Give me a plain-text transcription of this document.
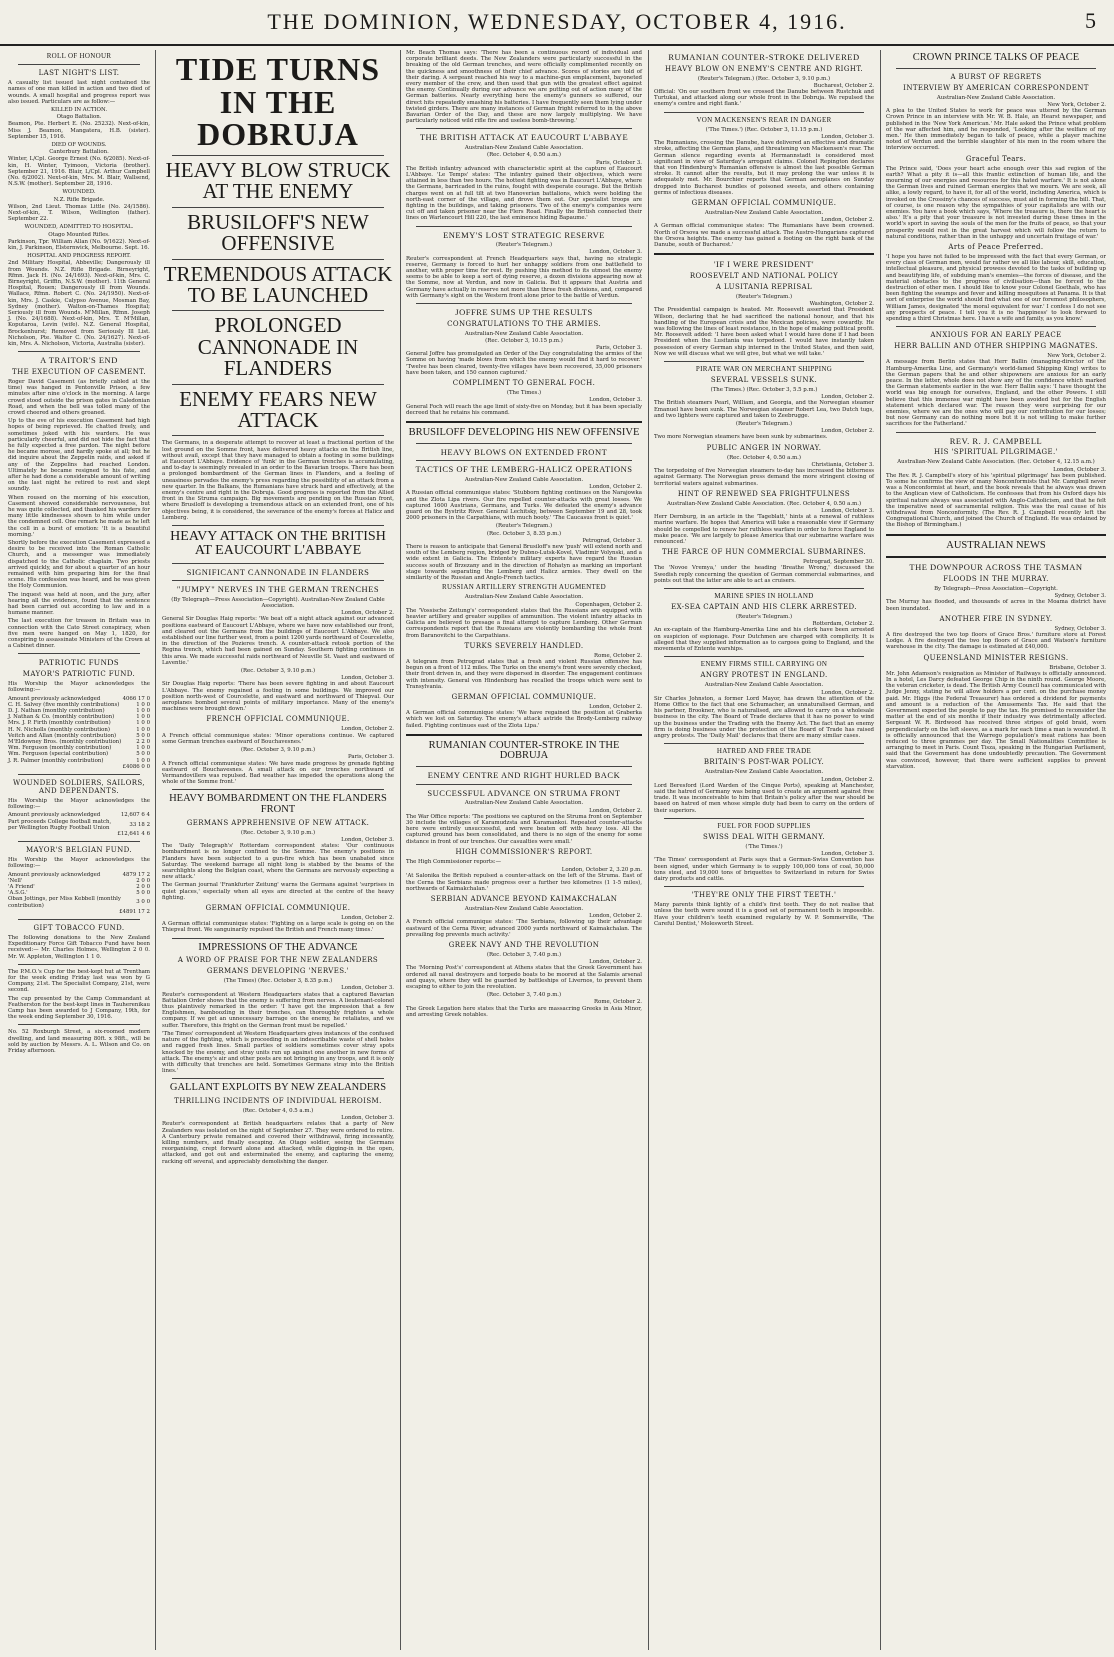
THE DOMINION, WEDNESDAY, OCTOBER 4, 1916.	5
ROLL OF HONOUR
LAST NIGHT'S LIST.

A casualty list issued last night contained the names of one man killed in action and two died of wounds. A small hospital and progress report was also issued. Particulars are as follow:—

KILLED IN ACTION.

Otago Battalion.

Beamon, Pte. Herbert E. (No. 25232). Next-of-kin, Miss J. Beamon, Mangatera, H.B. (sister). September 15, 1916.

DIED OF WOUNDS.

Canterbury Battalion.

Winter, L/Cpl. George Ernest (No. 6/2085). Next-of-kin, H. Winter, Tyimoon, Victoria (brother). September 21, 1916. Blair, L/Cpl. Arthur Campbell (No. 6/2002). Next-of-kin, Mrs. M. Blair, Wallsend, N.S.W. (mother). September 28, 1916.

WOUNDED.

N.Z. Rifle Brigade.

Wilson, 2nd Lieut. Thomas Little (No. 24/1586). Next-of-kin, T. Wilson, Wellington (father). September 22.

WOUNDED, ADMITTED TO HOSPITAL.

Otago Mounted Rifles.

Parkinson, Tpr. William Allan (No. 9/1622). Next-of-kin, J. Parkinson, Elsternwick, Melbourne. Sept. 16.

HOSPITAL AND PROGRESS REPORT.

2nd Military Hospital, Abbeville; Dangerously ill from Wounds. N.Z. Rifle Brigade. Birneyright, Rfmn. Jack H. (No. 24/1693). Next-of-kin, Mrs. C. Birneyright, Griffin, N.S.W. (mother). 11th General Hospital, Rouen; Dangerously ill from Wounds. Wallace, Rfmn. Robert C. (No. 24/1950). Next-of-kin, Mrs. J. Caskie, Calypso Avenue, Mosman Bay, Sydney (mother). Walton-on-Thames Hospital; Seriously ill from Wounds. M'Millan, Rfmn. Joseph J. (No. 24/1688). Next-of-kin, Mrs. T. M'Millan, Koputaroa, Levin (wife). N.Z. General Hospital, Brockenhurst; Removed from Seriously Ill List. Nicholson, Pte. Walter C. (No. 24/1627). Next-of-kin, Mrs. A. Nicholson, Victoria, Australia (sister).

A TRAITOR'S END
THE EXECUTION OF CASEMENT.

Roger David Casement (as briefly cabled at the time) was hanged in Pentonville Prison, a few minutes after nine o'clock in the morning. A large crowd stood outside the prison gates in Caledonian Road, and when the bell was tolled many of the crowd cheered and others groaned.

Up to the eve of his execution Casement had high hopes of being reprieved. He chatted freely, and sometimes joked with his warders. He was particularly cheerful, and did not hide the fact that he fully expected a free pardon. The night before he became morose, and hardly spoke at all; but he did inquire about the Zeppelin raids, and asked if any of the Zeppelins had reached London. Ultimately he became resigned to his fate, and after he had done a considerable amount of writing on the last night he retired to rest and slept soundly.

When roused on the morning of his execution, Casement showed considerable nervousness, but he was quite collected, and thanked his warders for many little kindnesses shown to him while under the condemned cell. One remark he made as he left the cell in a burst of emotion: 'It is a beautiful morning.'

Shortly before the execution Casement expressed a desire to be received into the Roman Catholic Church, and a messenger was immediately dispatched to the Catholic chaplain. Two priests arrived quickly, and for about a quarter of an hour remained with him preparing him for the final scene. His confession was heard, and he was given the Holy Communion.

The inquest was held at noon, and the jury, after hearing all the evidence, found that the sentence had been carried out according to law and in a humane manner.

The last execution for treason in Britain was in connection with the Cato Street conspiracy, when five men were hanged on May 1, 1820, for conspiring to assassinate Ministers of the Crown at a Cabinet dinner.

PATRIOTIC FUNDS
MAYOR'S PATRIOTIC FUND.

His Worship the Mayor acknowledges the following:—

Amount previously acknowledged	4066 17 0
C. H. Salvey (five monthly contributions)	1 0 0
D. J. Nathan (monthly contribution)	1 0 0
J. Nathan & Co. (monthly contribution)	1 0 0
Mrs. J. P. Firth (monthly contribution)	1 0 0
H. N. Nicholls (monthly contribution)	1 0 0
Veitch and Allan (monthly contribution)	5 0 0
M'Eldowney Bros. (monthly contribution)	2 2 0
Wm. Ferguson (monthly contribution)	1 0 0
Wm. Ferguson (special contribution)	5 0 0
J. R. Palmer (monthly contribution)	1 0 0

£4086 0 0

WOUNDED SOLDIERS, SAILORS, AND DEPENDANTS.

His Worship the Mayor acknowledges the following:—

Amount previously acknowledged	12,607 6 4
Part proceeds College football match, per Wellington Rugby Football Union	33 18 2

£12,641 4 6

MAYOR'S BELGIAN FUND.

His Worship the Mayor acknowledges the following:—

Amount previously acknowledged	4879 17 2
'Nell'	2 0 0
'A Friend'	2 0 0
'A.S.G.'	5 0 0
Oban Jottings, per Miss Kebbell (monthly contribution)	3 0 0

£4891 17 2

GIFT TOBACCO FUND.

The following donations to the New Zealand Expeditionary Force Gift Tobacco Fund have been received:— Mr. Charles Holmes, Wellington 2 0 0. Mr. W. Appleton, Wellington 1 1 0.

The P.M.O.'s Cup for the best-kept hut at Trentham for the week ending Friday last was won by G Company, 21st. The Specialist Company, 21st, were second.

The cup presented by the Camp Commandant at Featherston for the best-kept lines in Tauherenikau Camp has been awarded to J Company, 19th, for the week ending September 30, 1916.

No. 52 Roxburgh Street, a six-roomed modern dwelling, and land measuring 80ft. x 98ft., will be sold by auction by Messrs. A. L. Wilson and Co. on Friday afternoon.

TIDE TURNS IN THE DOBRUJA
HEAVY BLOW STRUCK AT THE ENEMY
BRUSILOFF'S NEW OFFENSIVE
TREMENDOUS ATTACK TO BE LAUNCHED
PROLONGED CANNONADE IN FLANDERS
ENEMY FEARS NEW ATTACK

The Germans, in a desperate attempt to recover at least a fractional portion of the lost ground on the Somme front, have delivered heavy attacks on the British line, without avail, except that they have managed to obtain a footing in some buildings at Eaucourt L'Abbaye. Evidence of 'funk' in the German trenches is accumulating, and to-day is seemingly revealed in an order to the Bavarian troops. There has been a prolonged bombardment of the German lines in Flanders, and a feeling of uneasiness pervades the enemy's press regarding the possibility of an attack from a new quarter. In the Balkans, the Rumanians have struck hard and effectively, at the enemy's centre and right in the Dobruja. Good progress is reported from the Allied front in the Struma campaign. Big movements are pending on the Russian front, where Brusiloff is developing a tremendous attack on an extended front, one of his objectives being, it is considered, the severance of the enemy's forces at Halicz and Lemberg.

HEAVY ATTACK ON THE BRITISH AT EAUCOURT L'ABBAYE
SIGNIFICANT CANNONADE IN FLANDERS
"JUMPY" NERVES IN THE GERMAN TRENCHES

(By Telegraph—Press Association—Copyright). Australian-New Zealand Cable Association.

London, October 2.

General Sir Douglas Haig reports: 'We beat off a night attack against our advanced positions eastward of Eaucourt L'Abbaye, where we have now established our front, and cleared out the Germans from the buildings of Eaucourt L'Abbaye. We also established our line further west, from a point 1200 yards northward of Courcelette, in the direction of the Pozieres trench. A counter-attack retook portion of the Regina trench, which had been gained on Sunday. Southern fighting continues in this area. We made successful raids northward of Neuville St. Vaast and eastward of Laventie.'

(Rec. October 3, 9.10 p.m.)

London, October 3.

Sir Douglas Haig reports: 'There has been severe fighting in and about Eaucourt L'Abbaye. The enemy regained a footing in some buildings. We improved our position north-west of Courcelette, and eastward and northward of Thiepval. Our aeroplanes bombed several points of military importance. Many of the enemy's machines were brought down.'

FRENCH OFFICIAL COMMUNIQUE.

London, October 2.

A French official communique states: 'Minor operations continue. We captured some German trenches eastward of Bouchavesnes.'

(Rec. October 3, 9.10 p.m.)

Paris, October 3.

A French official communique states: 'We have made progress by grenade fighting eastward of Bouchavesnes. A small attack on our trenches northward of Vermandovillers was repulsed. Bad weather has impeded the operations along the whole of the Somme front.'

HEAVY BOMBARDMENT ON THE FLANDERS FRONT
GERMANS APPREHENSIVE OF NEW ATTACK.

(Rec. October 3, 9.10 p.m.)

London, October 3.

The 'Daily Telegraph's' Rotterdam correspondent states: 'Our continuous bombardment is no longer confined to the Somme. The enemy's positions in Flanders have been subjected to a gun-fire which has been unabated since Saturday. The weekend barrage all night long is stabbed by the beams of the searchlights along the Belgian coast, where the Germans are nervously expecting a new attack.'

The German journal 'Frankfurter Zeitung' warns the Germans against 'surprises in quiet places,' especially when all eyes are directed at the centre of the heavy fighting.

GERMAN OFFICIAL COMMUNIQUE.

London, October 2.

A German official communique states: 'Fighting on a large scale is going on on the Thiepval front. We sanguinarily repulsed the British and French many times.'

IMPRESSIONS OF THE ADVANCE
A WORD OF PRAISE FOR THE NEW ZEALANDERS
GERMANS DEVELOPING 'NERVES.'

(The Times) (Rec. October 3, 8.35 p.m.)

London, October 3.

Reuter's correspondent at Western Headquarters states that a captured Bavarian Battalion Order shows that the enemy is suffering from nerves. A lieutenant-colonel thus plaintively remarked in the order: 'I have got the impression that a few Englishmen, bamboozling in their trenches, can thoroughly frighten a whole company. If we get an unnecessary barrage on the enemy, he retaliates, and we suffer. Therefore, this fright on the German front must be repelled.'

'The Times' correspondent at Western Headquarters gives instances of the confused nature of the fighting, which is proceeding in an indescribable waste of shell holes and ragged fresh lines. Small parties of soldiers sometimes cover stray spots knocked by the enemy, and stray units run up against one another in new forms of attack. The enemy's air and other posts are not bringing in any troops, and it is only with difficulty that trenches are held. Sometimes Germans stray into the British lines.'

GALLANT EXPLOITS BY NEW ZEALANDERS
THRILLING INCIDENTS OF INDIVIDUAL HEROISM.

(Rec. October 4, 0.5 a.m.)

London, October 3.

Reuter's correspondent at British headquarters relates that a party of New Zealanders was isolated on the night of September 27. They were ordered to retire. A Canterbury private remained and covered their withdrawal, firing incessantly, killing numbers, and finally escaping. An Otago soldier, seeing the Germans reorganising, crept forward alone and attacked, while digging-in in the open, attacked, and got out and exterminated the enemy, and capturing the enemy, racking off several, and appreciably demolishing the danger.

Mr. Beach Thomas says: 'There has been a continuous record of individual and corporate brilliant deeds. The New Zealanders were particularly successful in the breaking of the old German trenches, and were officially complimented recently on the quickness and smoothness of their chief advance. Scores of stories are told of their daring. A sergeant reached his way to a machine-gun emplacement, bayoneted every member of the crew, and then used that gun with the greatest effect against the enemy. Continually during our advance we are putting out of action many of the German batteries. Nearly everything here the enemy's gunners so suffered, our direct hits repeatedly smashing his batteries. I have frequently seen them lying under twisted girders. There are many instances of German fright referred to in the above Bavarian Order of the Day, and these are now largely multiplying. We have particularly noticed wild rifle fire and useless bomb-throwing.'

THE BRITISH ATTACK AT EAUCOURT L'ABBAYE

Australian-New Zealand Cable Association.

(Rec. October 4, 0.50 a.m.)

Paris, October 3.

The British infantry advanced with characteristic spirit at the capture of Eaucourt L'Abbaye. 'Le Temps' states: 'The infantry gained their objectives, which were attained in less than two hours. The hottest fighting was in Eaucourt L'Abbaye, where the Germans, barricaded in the ruins, fought with desperate courage. But the British charges went on at full tilt at two Hanoverian battalions, which were holding the north-east corner of the village, and drove them out. Our specialist troops are fighting in the buildings, and taking prisoners. Two of the enemy's companies were cut off and taken prisoner near the Flers Road. Finally the British connected their lines on Warlencourt Hill 220, the last eminence hiding Bapaume.'

ENEMY'S LOST STRATEGIC RESERVE

(Reuter's Telegram.)

London, October 3.

Reuter's correspondent at French Headquarters says that, having no strategic reserve, Germany is forced to hurl her unhappy soldiers from one battlefield to another, with proper time for rest. By pushing this method to its utmost the enemy seems to be able to keep a sort of dying reserve, a dozen divisions appearing now at the Somme, now at Verdun, and now in Galicia. But it appears that Austria and Germany have actually in reserve not more than three fresh divisions, and, compared with Germany's sight on the Western front alone prior to the battle of Verdun.

JOFFRE SUMS UP THE RESULTS
CONGRATULATIONS TO THE ARMIES.

Australian-New Zealand Cable Association.

(Rec. October 3, 10.15 p.m.)

Paris, October 3.

General Joffre has promulgated an Order of the Day congratulating the armies of the Somme on having 'made blows from which the enemy would find it hard to recover.' 'Twelve has been cleared, twenty-five villages have been recovered, 35,000 prisoners have been taken, and 150 cannon captured.'

COMPLIMENT TO GENERAL FOCH.

(The Times.)

London, October 3.

General Foch will reach the age limit of sixty-five on Monday, but it has been specially decreed that he retains his command.

BRUSILOFF DEVELOPING HIS NEW OFFENSIVE
HEAVY BLOWS ON EXTENDED FRONT
TACTICS OF THE LEMBERG-HALICZ OPERATIONS

Australian-New Zealand Cable Association.

London, October 2.

A Russian official communique states: 'Stubborn fighting continues on the Narajowka and the Zlota Lipa rivers. Our fire repelled counter-attacks with great losses. We captured 1600 Austrians, Germans, and Turks. We defeated the enemy's advance guard on the Bystritz River. General Lechitsky, between September 19 and 28, took 2000 prisoners in the Carpathians, with much booty.' 'The Caucasus front is quiet.'

(Reuter's Telegram.)

(Rec. October 3, 8.35 p.m.)

Petrograd, October 3.

There is reason to anticipate that General Brusiloff's new 'push' will extend north and south of the Lemberg region, bridged by Dubno-Lutsk-Kovel, Vladimir Volynski, and a wide extent in Galicia. The Entente's military experts have regard the Russian success south of Brzezany and in the direction of Rohatyn as marking an important stage towards separating the Lemberg and Halicz armies. They dwell on the similarity of the Russian and Anglo-French tactics.

RUSSIAN ARTILLERY STRENGTH AUGMENTED

Australian-New Zealand Cable Association.

Copenhagen, October 2.

The 'Vossische Zeitung's' correspondent states that the Russians are equipped with heavier artillery and greater supplies of ammunition. The violent infantry attacks in Galicia are believed to presage a final attempt to capture Lemberg. Other German correspondents report that the Russians are violently bombarding the whole front from Baranovitchi to the Carpathians.

TURKS SEVERELY HANDLED.

Rome, October 2.

A telegram from Petrograd states that a fresh and violent Russian offensive has begun on a front of 112 miles. The Turks on the enemy's front were severely checked, their front driven in, and they were dispersed in disorder. The engagement continues with intensity. General von Hindenburg has recalled the troops which were sent to Transylvania.

GERMAN OFFICIAL COMMUNIQUE.

London, October 2.

A German official communique states: 'We have regained the position at Graberka which we lost on Saturday. The enemy's attack astride the Brody-Lemberg railway failed. Fighting continues east of the Zlota Lipa.'

RUMANIAN COUNTER-STROKE IN THE DOBRUJA
ENEMY CENTRE AND RIGHT HURLED BACK
SUCCESSFUL ADVANCE ON STRUMA FRONT

Australian-New Zealand Cable Association.

London, October 2.

The War Office reports: 'The positions we captured on the Struma front on September 30 include the villages of Karamudzsta and Karamankoi. Repeated counter-attacks here were entirely unsuccessful, and were beaten off with heavy loss. All the captured ground has been consolidated, and there is no sign of the enemy for some distance in front of our trenches. Our casualties were small.'

HIGH COMMISSIONER'S REPORT.

The High Commissioner reports:—

London, October 2, 3.20 p.m.

'At Salonika the British repulsed a counter-attack on the left of the Struma. East of the Cerna the Serbians made progress over a further two kilometres (1 1-5 miles), northwards of Kaimakchalan.'

SERBIAN ADVANCE BEYOND KAIMAKCHALAN

Australian-New Zealand Cable Association.

London, October 2.

A French official communique states: 'The Serbians, following up their advantage eastward of the Cerna River, advanced 2000 yards northward of Kaimakchalan. The prevailing fog prevents much activity.'

GREEK NAVY AND THE REVOLUTION

(Rec. October 3, 7.40 p.m.)

London, October 2.

The 'Morning Post's' correspondent at Athens states that the Greek Government has ordered all naval destroyers and torpedo boats to be moored at the Salamis arsenal and quays, where they will be guarded by battleships of Livernos, to prevent them escaping to either to join the revolution.

(Rec. October 3, 7.40 p.m.)

Rome, October 2.

The Greek Legation here states that the Turks are massacring Greeks in Asia Minor, and arresting Greek notables.

RUMANIAN COUNTER-STROKE DELIVERED
HEAVY BLOW ON ENEMY'S CENTRE AND RIGHT.

(Reuter's Telegram.) (Rec. October 3, 9.10 p.m.)

Bucharest, October 2.

Official: 'On our southern front we crossed the Danube between Rustchuk and Turtukai, and attacked along our whole front in the Dobruja. We repulsed the enemy's centre and right flank.'

VON MACKENSEN'S REAR IN DANGER

('The Times.') (Rec. October 3, 11.15 p.m.)

London, October 3.

The Rumanians, crossing the Danube, have delivered an effective and dramatic stroke, affecting the German plans, and threatening von Mackensen's rear. The German silence regarding events at Hermannstadt is considered most significant in view of Saturday's arrogant claims. Colonel Repington declares that von Hindenburg's Rumanian offensive is almost the last possible German stroke. It cannot alter the results, but it may prolong the war unless it is adequately met. Mr. Bourchier reports that German aeroplanes on Sunday dropped into Bucharest bundles of poisoned sweets, and others containing germs of infectious diseases.

GERMAN OFFICIAL COMMUNIQUE.

Australian-New Zealand Cable Association.

London, October 2.

A German official communique states: 'The Rumanians have been crowned. North of Orsova we made a successful attack. The Austro-Hungarians captured the Orsova heights. The enemy has gained a footing on the right bank of the Danube, south of Bucharest.'

'IF I WERE PRESIDENT'
ROOSEVELT AND NATIONAL POLICY
A LUSITANIA REPRISAL

(Reuter's Telegram.)

Washington, October 2.

The Presidential campaign is heated. Mr. Roosevelt asserted that President Wilson, declaring that he had sacrificed the national honour, and that his handling of the European crisis and the Mexican policies, were cowardly. He was following the lines of least resistance, in the hope of making political profit. Mr. Roosevelt added: 'I have been asked what I would have done if I had been President when the Lusitania was torpedoed. I would have instantly taken possession of every German ship interned in the United States, and then said, Now we will discuss what we will give, but what we will take.'

PIRATE WAR ON MERCHANT SHIPPING
SEVERAL VESSELS SUNK.

(The Times.) (Rec. October 3, 5.5 p.m.)

London, October 2.

The British steamers Pearl, William, and Georgia, and the Norwegian steamer Emanuel have been sunk. The Norwegian steamer Robert Lea, two Dutch tugs, and two lighters were captured and taken to Zeebrugge.

(Reuter's Telegram.)

London, October 2.

Two more Norwegian steamers have been sunk by submarines.

PUBLIC ANGER IN NORWAY.

(Rec. October 4, 0.50 a.m.)

Christiania, October 3.

The torpedoing of five Norwegian steamers to-day has increased the bitterness against Germany. The Norwegian press demand the more stringent closing of territorial waters against submarines.

HINT OF RENEWED SEA FRIGHTFULNESS

Australian-New Zealand Cable Association. (Rec. October 4, 0.50 a.m.)

London, October 3.

Herr Dernburg, in an article in the 'Tageblatt,' hints at a renewal of ruthless marine warfare. He hopes that America will take a reasonable view if Germany should be compelled to renew her ruthless warfare in order to force England to make peace. 'We are largely to please America that our submarine warfare was renounced.'

THE FARCE OF HUN COMMERCIAL SUBMARINES.

Petrograd, September 30.

The 'Novoe Vremya,' under the heading 'Breathe Wrong,' discussed the Swedish reply concerning the question of German commercial submarines, and points out that the latter are able to act as cruisers.

MARINE SPIES IN HOLLAND
EX-SEA CAPTAIN AND HIS CLERK ARRESTED.

(Reuter's Telegram.)

Rotterdam, October 2.

An ex-captain of the Hamburg-Amerika Line and his clerk have been arrested on suspicion of espionage. Four Dutchmen are charged with complicity. It is alleged that they supplied information as to cargoes going to England, and the movements of Entente warships.

ENEMY FIRMS STILL CARRYING ON
ANGRY PROTEST IN ENGLAND.

Australian-New Zealand Cable Association.

London, October 2.

Sir Charles Johnston, a former Lord Mayor, has drawn the attention of the Home Office to the fact that one Schumacher, an unnaturalised German, and his partner, Brookner, who is naturalised, are allowed to carry on a wholesale business in the city. The Board of Trade declares that it has no power to wind up the business under the Trading with the Enemy Act. The fact that an enemy firm is doing business under the protection of the Board of Trade has raised angry protests. The 'Daily Mail' declares that there are many similar cases.

HATRED AND FREE TRADE
BRITAIN'S POST-WAR POLICY.

Australian-New Zealand Cable Association.

London, October 2.

Lord Beresford (Lord Warden of the Cinque Ports), speaking at Manchester, said the hatred of Germany was being used to create an argument against free trade. It was inconceivable to him that Britain's policy after the war should be based on hatred of men whose simple duty had been to carry on the orders of their superiors.

FUEL FOR FOOD SUPPLIES
SWISS DEAL WITH GERMANY.

('The Times.')

London, October 3.

'The Times' correspondent at Paris says that a German-Swiss Convention has been signed, under which Germany is to supply 100,000 tons of coal, 50,000 tons steel, and 19,000 tons of briquettes to Switzerland in return for Swiss dairy products and cattle.

'THEY'RE ONLY THE FIRST TEETH.'

Many parents think lightly of a child's first teeth. They do not realise that unless the teeth were sound it is a good set of permanent teeth is impossible. Have your children's teeth examined regularly by W. P. Sommerville, 'The Careful Dentist,' Molesworth Street.

CROWN PRINCE TALKS OF PEACE
A BURST OF REGRETS
INTERVIEW BY AMERICAN CORRESPONDENT

Australian-New Zealand Cable Association.

New York, October 2.

A plea to the United States to work for peace was uttered by the German Crown Prince in an interview with Mr. W. B. Hale, an Hearst newspaper, and published in the 'New York American.' Mr. Hale asked the Prince what problem of the war affected him, and he responded, 'Looking after the welfare of my men.' He then immediately began to talk of peace, while a player machine noted of Verdun and the terrible slaughter of his men in the room where the interview occurred.

Graceful Tears.

The Prince said, 'Does your heart ache enough over this sad region of the earth? What a pity it is—all this frantic extinction of human life, and the mourning of our energies and resources for this hated warfare.' It is not alone the German lives and ruined German energies that we mourn. We are seek, all alike, a lowly regard, to have it, for all of the world, including America, which is invoked on the Crossiny's chances of success, must aid in forming the bill. That, of course, is one reason why the sympathies of your capitalists are with our enemies. You have a book which says, 'Where the treasure is, there the heart is also.' It's a pity that your treasure is not invested during these times in the world's sport in saving the souls of the men for the fruits of peace, so that your prosperity would rest in the great harvest which will follow the return to natural conditions, rather than in the unhappy and uncertain fruitage of war.'

Arts of Peace Preferred.

'I hope you have not failed to be impressed with the fact that every German, or every class of German men, would far rather we all like labour, skill, education, intellectual pleasure, and physical prowess devoted to the tasks of building up and beautifying life, of subduing man's enemies—the forces of disease, and the material obstacles to the progress of civilisation—than be forced to the destruction of other men. I should like to know your Colonel Goethals, who has been fighting the swamps and fever and killing mosquitoes at Panama. It is that sort of enterprise the world should find what one of our foremost philosophers, William James, designated 'the moral equivalent for war.' I confess I do not see any prospects of peace. I tell you it is no 'happiness' to look forward to spending a third Christmas here. I have a wife and family, as you know.'

ANXIOUS FOR AN EARLY PEACE
HERR BALLIN AND OTHER SHIPPING MAGNATES.

New York, October 2.

A message from Berlin states that Herr Ballin (managing-director of the Hamburg-Amerika Line, and Germany's world-famed Shipping King) writes to the German papers that he and other shipowners are anxious for an early peace. In the letter, whole does not show any of the confidence which marked the German statements earlier in the war. Herr Ballin says: 'I have thought the world was big enough for ourselves, England, and the other Powers. I still believe that this immense war might have been avoided but for the English statement which declared war. The reason they were surprising for our enemies, where we are the ones who will pay our contribution for our losses; but now Germany can do nothing more but it is not willing to make further sacrifices for the Fatherland.'

REV. R. J. CAMPBELL
HIS 'SPIRITUAL PILGRIMAGE.'

Australian-New Zealand Cable Association. (Rec. October 4, 12.15 a.m.)

London, October 3.

The Rev. R. J. Campbell's story of his 'spiritual pilgrimage' has been published. To some he confirms the view of many Nonconformists that Mr. Campbell never was a Nonconformist at heart, and the book reveals that he always was drawn to the Anglican view of Catholicism. He confesses that from his Oxford days his spiritual nature always was associated with Anglo-Catholicism, and that he felt the imperative need of sacramental religion. This was the real cause of his withdrawal from Nonconformity. (The Rev. R. J. Campbell recently left the Congregational Church, and joined the Church of England. He was ordained by the Bishop of Birmingham.)

AUSTRALIAN NEWS
THE DOWNPOUR ACROSS THE TASMAN
FLOODS IN THE MURRAY.

By Telegraph—Press Association—Copyright.

Sydney, October 3.

The Murray has flooded, and thousands of acres in the Moama district have been inundated.

ANOTHER FIRE IN SYDNEY.

Sydney, October 3.

A fire destroyed the two top floors of Grace Bros.' furniture store at Forest Lodge. A fire destroyed the two top floors of Grace and Watson's furniture warehouse in the city. The damage is estimated at £40,000.

QUEENSLAND MINISTER RESIGNS.

Brisbane, October 3.

Mr. John Adamson's resignation as Minister of Railways is officially announced. In a hotel, Les Darcy defeated George Chip in the ninth round. George Moore, the veteran cricketer, is dead. The British Army Council has communicated with Judge Jenny, stating he will allow holders a per cent. on the purchase money paid. Mr. Higgs (the Federal Treasurer) has ordered a dividend for payments and amount is a reduction of the Amusements Tax. He said that the Government expected the people to pay the tax. He promised to reconsider the matter at the end of six months if their industry was detrimentally affected. Sergeant W. R. Birdwood has received three stripes of gold braid, worn perpendicularly on the left sleeve, as a mark for each time a man is wounded. It is officially announced that the Warrego population's meat rations has been reduced to three grammes per day. The Small Nationalities Committee is arranging to meet in Paris. Count Tisza, speaking in the Hungarian Parliament, said that the Government has done undoubtedly precaution. The Government was convinced, however, that there were sufficient supplies to prevent starvation.
